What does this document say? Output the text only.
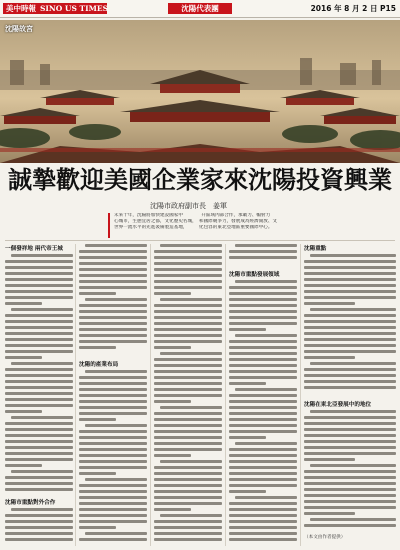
美中時報 SINO US TIMES	沈陽代表團	2016 年 8 月 2 日 P15
沈陽故宮
誠摯歡迎美國企業家來沈陽投資興業
沈陽市政府副市長　姜軍

未來十年，沈陽將加快建設國家中　　　　升區域內部合作，承載力、輻射力

心城市，生態宜居之都，文化歷史名城，　和國際競爭力，發展成為經濟開放、文

世界一流水平的先進裝備製造基地，　　　化包容的東北亞地區重要國際中心。

一個發祥地 兩代帝王城
沈陽市重點對外合作
沈陽的產業布局
沈陽市重點發展領域
沈陽重點
沈陽在東北亞發展中的地位
（本文由作者提供）
